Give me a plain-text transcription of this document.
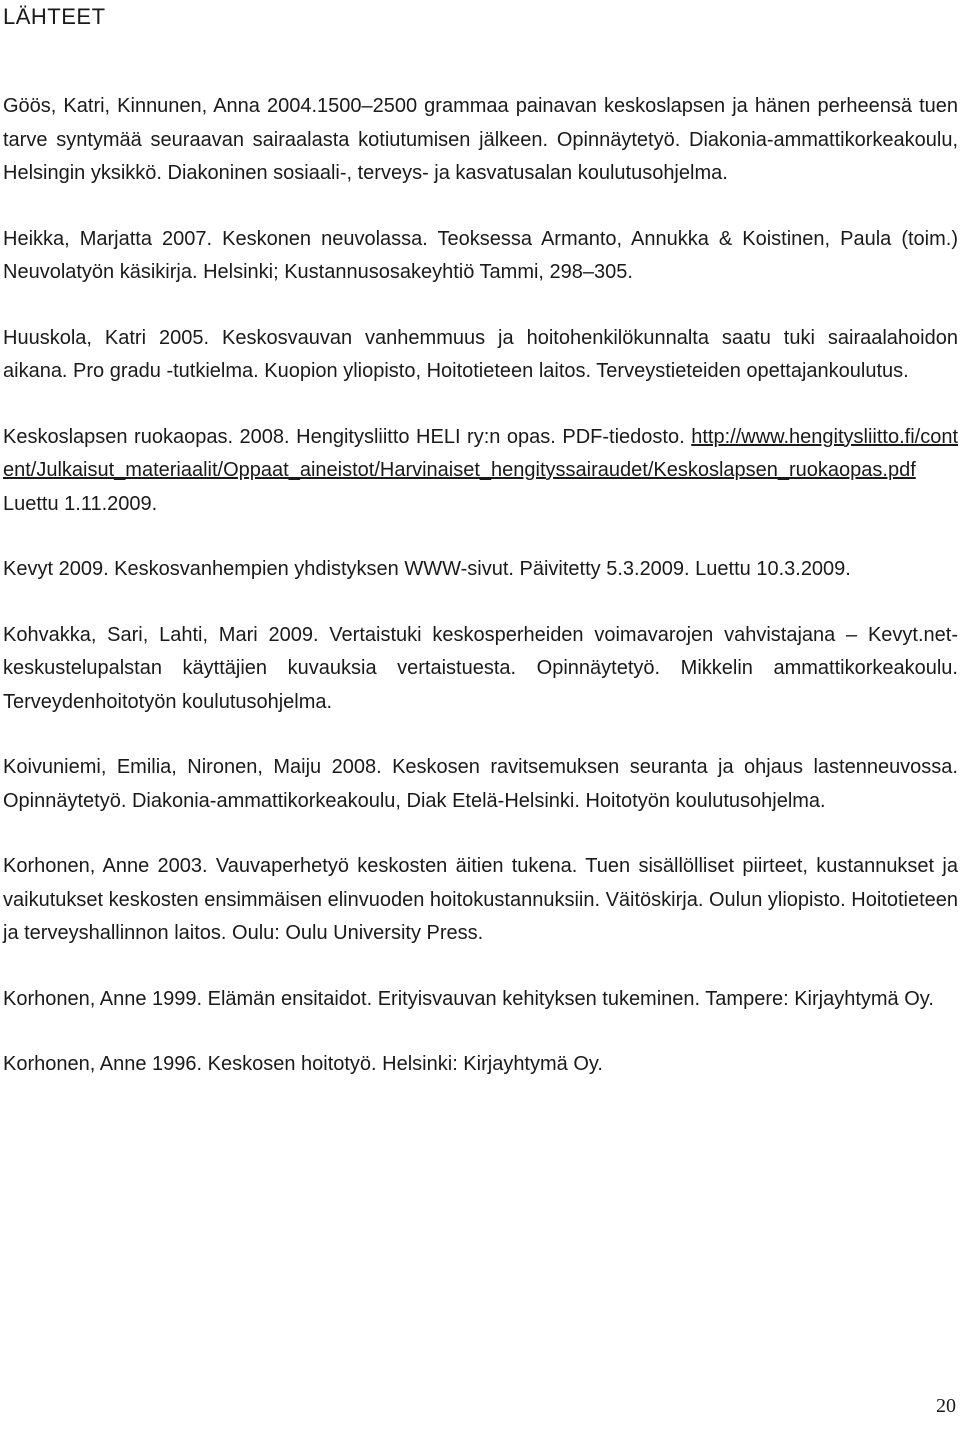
LÄHTEET
Göös, Katri, Kinnunen, Anna 2004.1500–2500 grammaa painavan keskoslapsen ja hänen perheensä tuen tarve syntymää seuraavan sairaalasta kotiutumisen jälkeen. Opinnäytetyö. Diakonia-ammattikorkeakoulu, Helsingin yksikkö. Diakoninen sosiaali-, terveys- ja kasvatusalan koulutusohjelma.
Heikka, Marjatta 2007. Keskonen neuvolassa. Teoksessa Armanto, Annukka & Koistinen, Paula (toim.) Neuvolatyön käsikirja. Helsinki; Kustannusosakeyhtiö Tammi, 298–305.
Huuskola, Katri 2005. Keskosvauvan vanhemmuus ja hoitohenkilökunnalta saatu tuki sairaalahoidon aikana. Pro gradu -tutkielma. Kuopion yliopisto, Hoitotieteen laitos. Terveystieteiden opettajankoulutus.
Keskoslapsen ruokaopas. 2008. Hengitysliitto HELI ry:n opas. PDF-tiedosto. http://www.hengitysliitto.fi/content/Julkaisut_materiaalit/Oppaat_aineistot/Harvinaiset_hengityssairaudet/Keskoslapsen_ruokaopas.pdf Luettu 1.11.2009.
Kevyt 2009. Keskosvanhempien yhdistyksen WWW-sivut. Päivitetty 5.3.2009. Luettu 10.3.2009.
Kohvakka, Sari, Lahti, Mari 2009. Vertaistuki keskosperheiden voimavarojen vahvistajana – Kevyt.net-keskustelupalstan käyttäjien kuvauksia vertaistuesta. Opinnäytetyö. Mikkelin ammattikorkeakoulu. Terveydenhoitotyön koulutusohjelma.
Koivuniemi, Emilia, Nironen, Maiju 2008. Keskosen ravitsemuksen seuranta ja ohjaus lastenneuvossa. Opinnäytetyö. Diakonia-ammattikorkeakoulu, Diak Etelä-Helsinki. Hoitotyön koulutusohjelma.
Korhonen, Anne 2003. Vauvaperhetyö keskosten äitien tukena. Tuen sisällölliset piirteet, kustannukset ja vaikutukset keskosten ensimmäisen elinvuoden hoitokustannuksiin. Väitöskirja. Oulun yliopisto. Hoitotieteen ja terveyshallinnon laitos. Oulu: Oulu University Press.
Korhonen, Anne 1999. Elämän ensitaidot. Erityisvauvan kehityksen tukeminen. Tampere: Kirjayhtymä Oy.
Korhonen, Anne 1996. Keskosen hoitotyö. Helsinki: Kirjayhtymä Oy.
20
